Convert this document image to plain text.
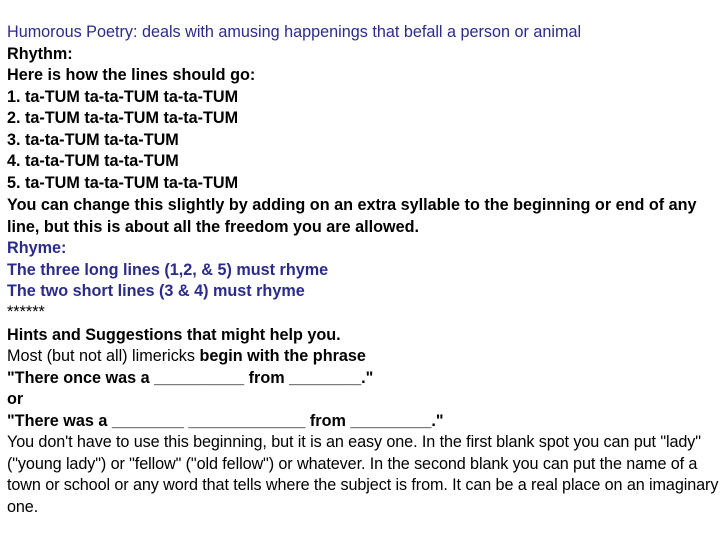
Humorous Poetry: deals with amusing happenings that befall a person or animal
Rhythm:
Here is how the lines should go:
1. ta-TUM ta-ta-TUM ta-ta-TUM
2. ta-TUM ta-ta-TUM ta-ta-TUM
3. ta-ta-TUM ta-ta-TUM
4. ta-ta-TUM ta-ta-TUM
5. ta-TUM ta-ta-TUM ta-ta-TUM
You can change this slightly by adding on an extra syllable to the beginning or end of any line, but this is about all the freedom you are allowed.
Rhyme:
The three long lines (1,2, & 5) must rhyme
The two short lines (3 & 4) must rhyme
******
Hints and Suggestions that might help you.
Most (but not all) limericks begin with the phrase
"There once was a __________ from ________."
or
"There was a ________ _____________ from _________."
You don't have to use this beginning, but it is an easy one. In the first blank spot you can put "lady" ("young lady") or "fellow" ("old fellow") or whatever. In the second blank you can put the name of a town or school or any word that tells where the subject is from. It can be a real place on an imaginary one.
